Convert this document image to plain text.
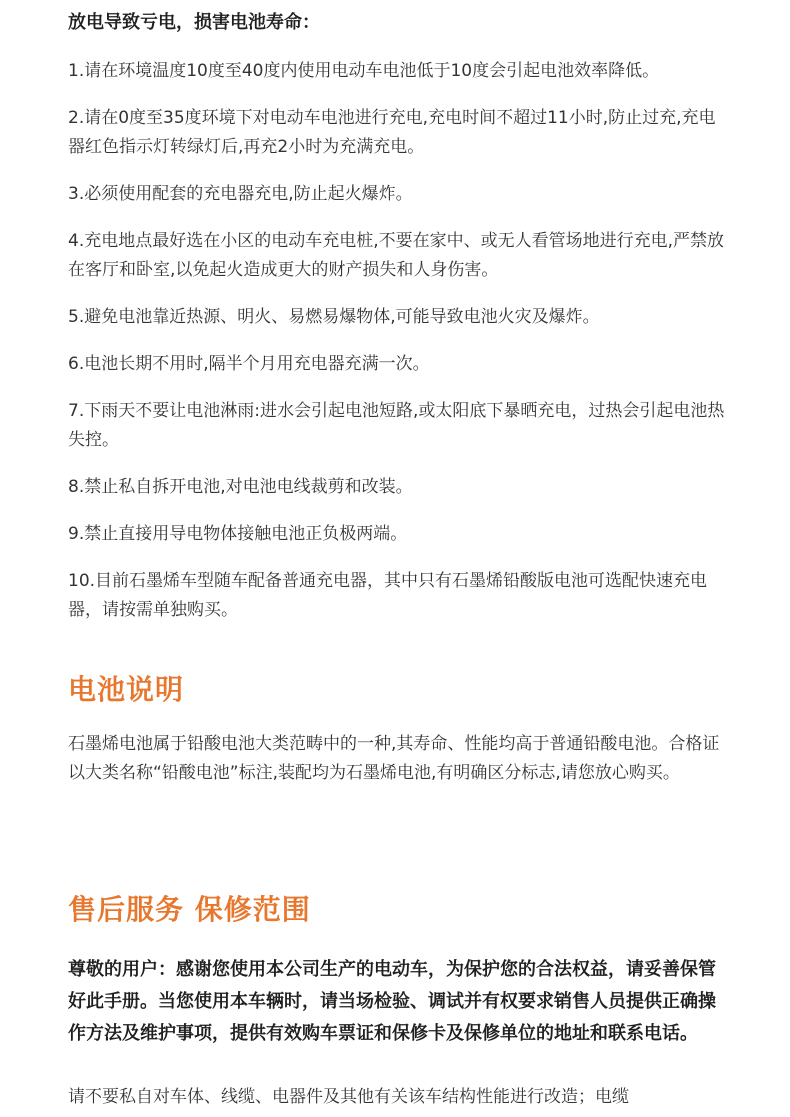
放电导致亏电，损害电池寿命：

1.请在环境温度10度至40度内使用电动车电池低于10度会引起电池效率降低。

2.请在0度至35度环境下对电动车电池进行充电,充电时间不超过11小时,防止过充,充电器红色指示灯转绿灯后,再充2小时为充满充电。

3.必须使用配套的充电器充电,防止起火爆炸。

4.充电地点最好选在小区的电动车充电桩,不要在家中、或无人看管场地进行充电,严禁放在客厅和卧室,以免起火造成更大的财产损失和人身伤害。

5.避免电池靠近热源、明火、易燃易爆物体,可能导致电池火灾及爆炸。

6.电池长期不用时,隔半个月用充电器充满一次。

7.下雨天不要让电池淋雨:进水会引起电池短路,或太阳底下暴晒充电，过热会引起电池热失控。

8.禁止私自拆开电池,对电池电线裁剪和改装。

9.禁止直接用导电物体接触电池正负极两端。

10.目前石墨烯车型随车配备普通充电器，其中只有石墨烯铅酸版电池可选配快速充电器，请按需单独购买。

电池说明

石墨烯电池属于铅酸电池大类范畴中的一种,其寿命、性能均高于普通铅酸电池。合格证以大类名称“铅酸电池”标注,装配均为石墨烯电池,有明确区分标志,请您放心购买。

售后服务 保修范围

尊敬的用户：感谢您使用本公司生产的电动车，为保护您的合法权益，请妥善保管好此手册。当您使用本车辆时，请当场检验、调试并有权要求销售人员提供正确操作方法及维护事项，提供有效购车票证和保修卡及保修单位的地址和联系电话。

请不要私自对车体、线缆、电器件及其他有关该车结构性能进行改造；电缆
